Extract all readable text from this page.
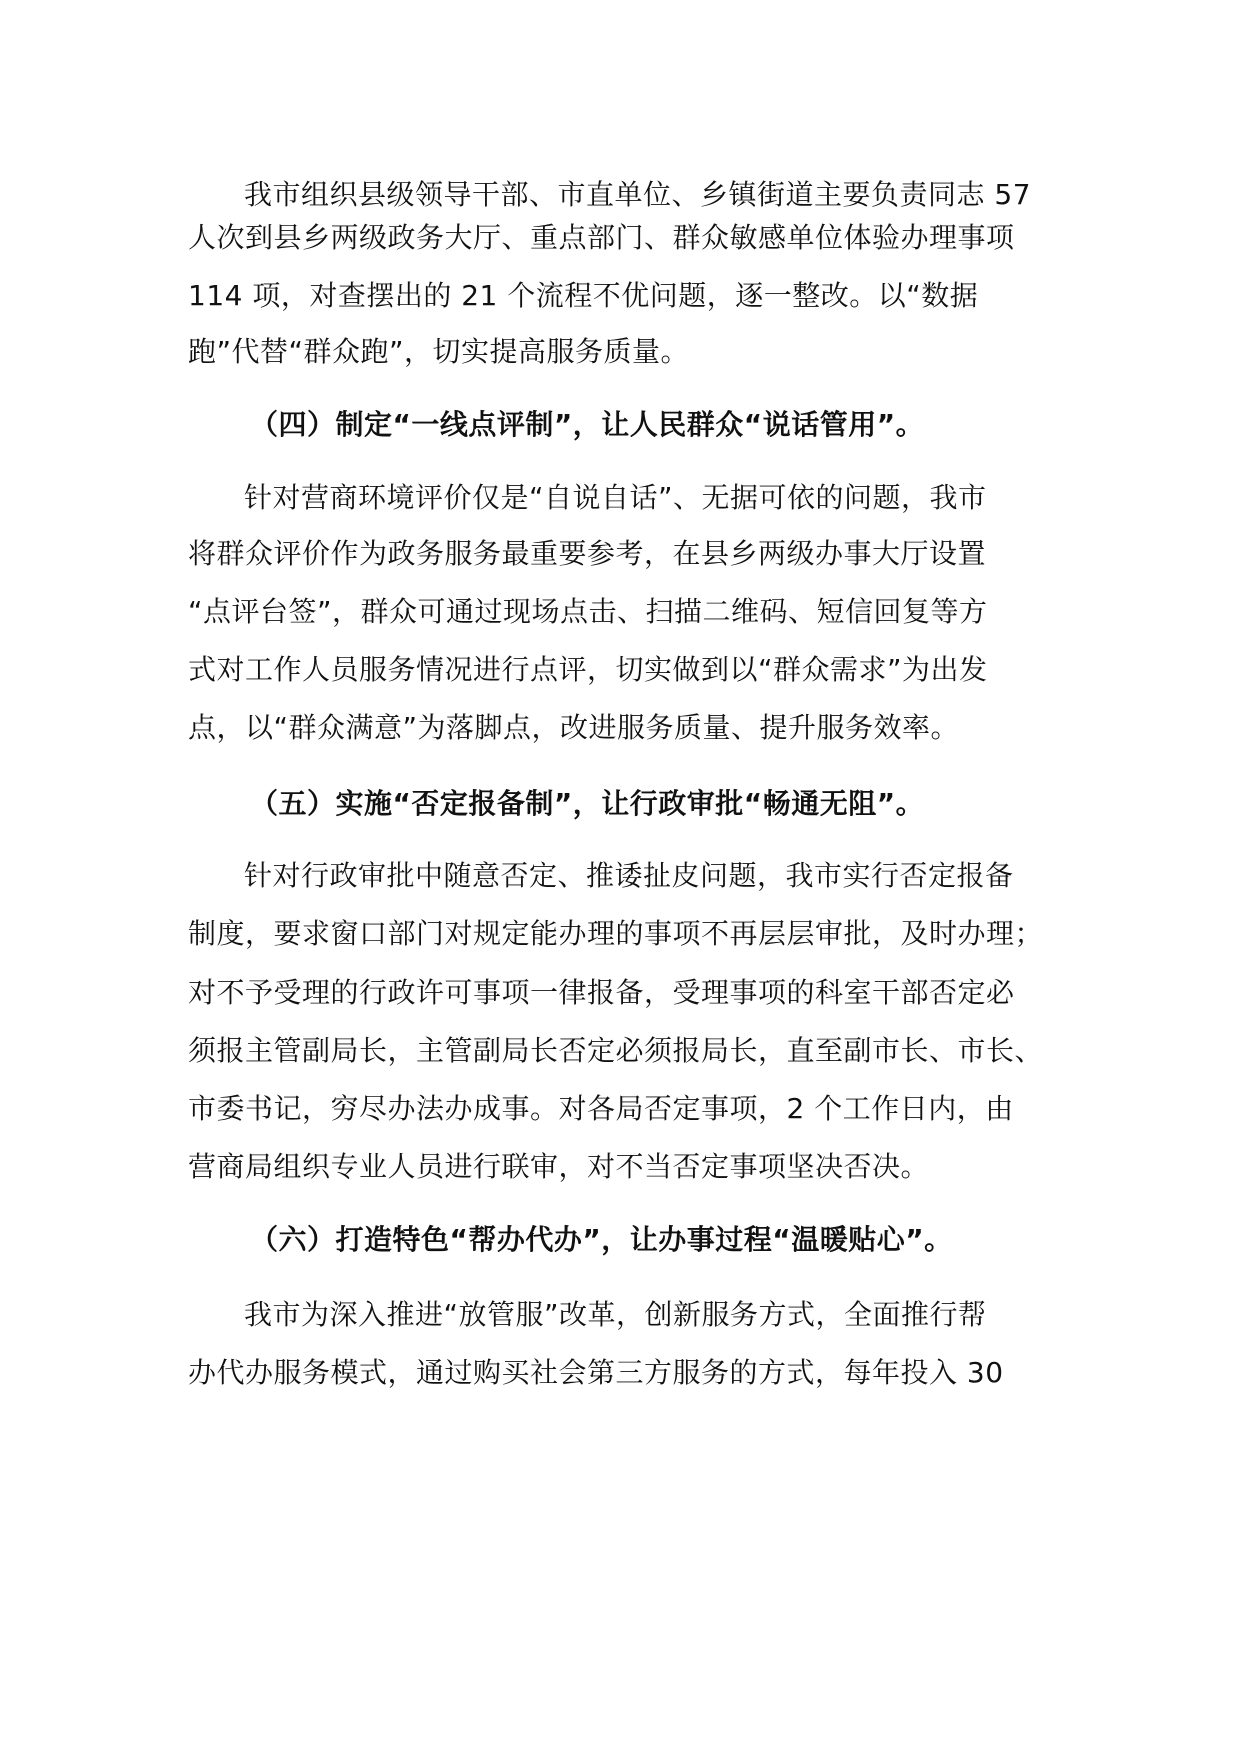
我市组织县级领导干部、市直单位、乡镇街道主要负责同志 57
人次到县乡两级政务大厅、重点部门、群众敏感单位体验办理事项
114 项，对查摆出的 21 个流程不优问题，逐一整改。以“数据
跑”代替“群众跑”，切实提高服务质量。
（四）制定“一线点评制”，让人民群众“说话管用”。
针对营商环境评价仅是“自说自话”、无据可依的问题，我市
将群众评价作为政务服务最重要参考，在县乡两级办事大厅设置
“点评台签”，群众可通过现场点击、扫描二维码、短信回复等方
式对工作人员服务情况进行点评，切实做到以“群众需求”为出发
点，以“群众满意”为落脚点，改进服务质量、提升服务效率。
（五）实施“否定报备制”，让行政审批“畅通无阻”。
针对行政审批中随意否定、推诿扯皮问题，我市实行否定报备
制度，要求窗口部门对规定能办理的事项不再层层审批，及时办理；
对不予受理的行政许可事项一律报备，受理事项的科室干部否定必
须报主管副局长，主管副局长否定必须报局长，直至副市长、市长、
市委书记，穷尽办法办成事。对各局否定事项，2 个工作日内，由
营商局组织专业人员进行联审，对不当否定事项坚决否决。
（六）打造特色“帮办代办”，让办事过程“温暖贴心”。
我市为深入推进“放管服”改革，创新服务方式，全面推行帮
办代办服务模式，通过购买社会第三方服务的方式，每年投入 30
